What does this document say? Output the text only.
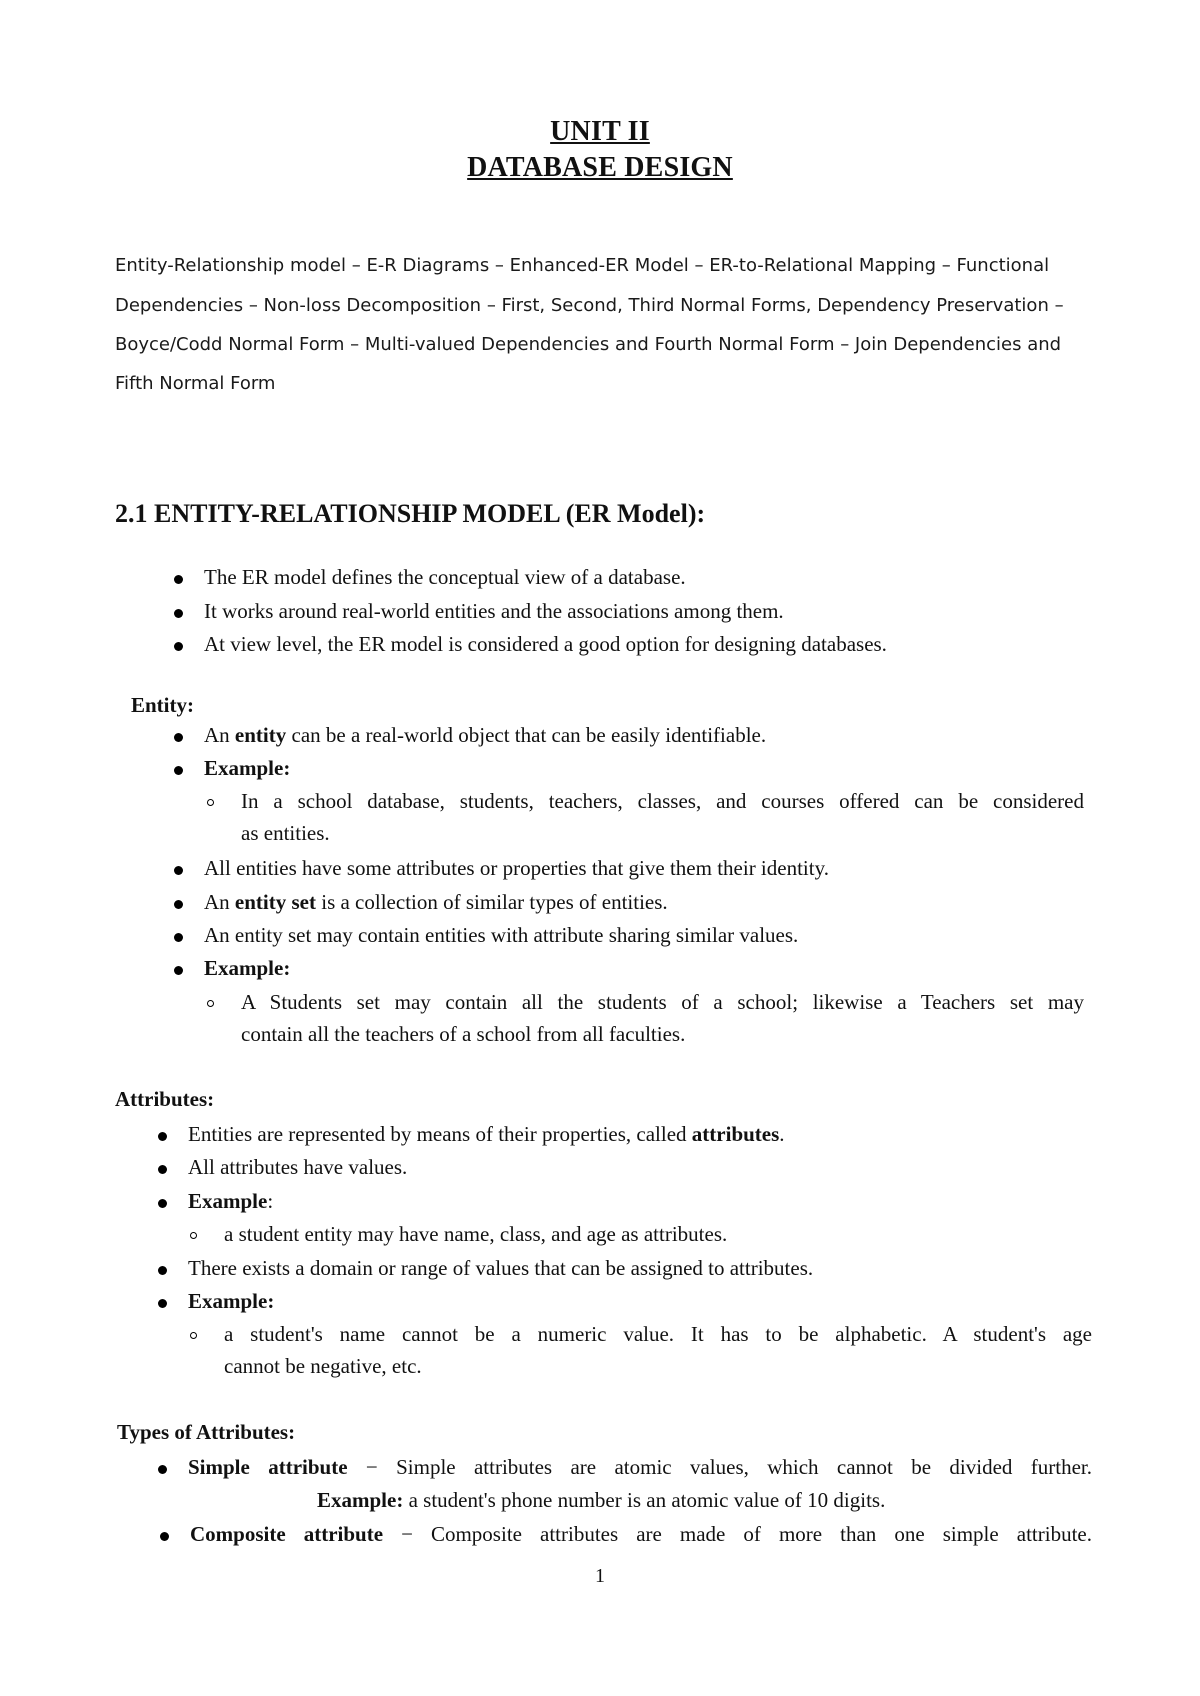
UNIT II
DATABASE DESIGN
Entity-Relationship model – E-R Diagrams – Enhanced-ER Model – ER-to-Relational Mapping – Functional
Dependencies – Non-loss Decomposition – First, Second, Third Normal Forms, Dependency Preservation –
Boyce/Codd Normal Form – Multi-valued Dependencies and Fourth Normal Form – Join Dependencies and
Fifth Normal Form
2.1 ENTITY-RELATIONSHIP MODEL (ER Model):
The ER model defines the conceptual view of a database.
It works around real-world entities and the associations among them.
At view level, the ER model is considered a good option for designing databases.
Entity:
An entity can be a real-world object that can be easily identifiable.
Example:
In a school database, students, teachers, classes, and courses offered can be considered
as entities.
All entities have some attributes or properties that give them their identity.
An entity set is a collection of similar types of entities.
An entity set may contain entities with attribute sharing similar values.
Example:
A Students set may contain all the students of a school; likewise a Teachers set may
contain all the teachers of a school from all faculties.
Attributes:
Entities are represented by means of their properties, called attributes.
All attributes have values.
Example:
a student entity may have name, class, and age as attributes.
There exists a domain or range of values that can be assigned to attributes.
Example:
a student's name cannot be a numeric value. It has to be alphabetic. A student's age
cannot be negative, etc.
Types of Attributes:
Simple attribute − Simple attributes are atomic values, which cannot be divided further.
Example: a student's phone number is an atomic value of 10 digits.
Composite attribute − Composite attributes are made of more than one simple attribute.
1
